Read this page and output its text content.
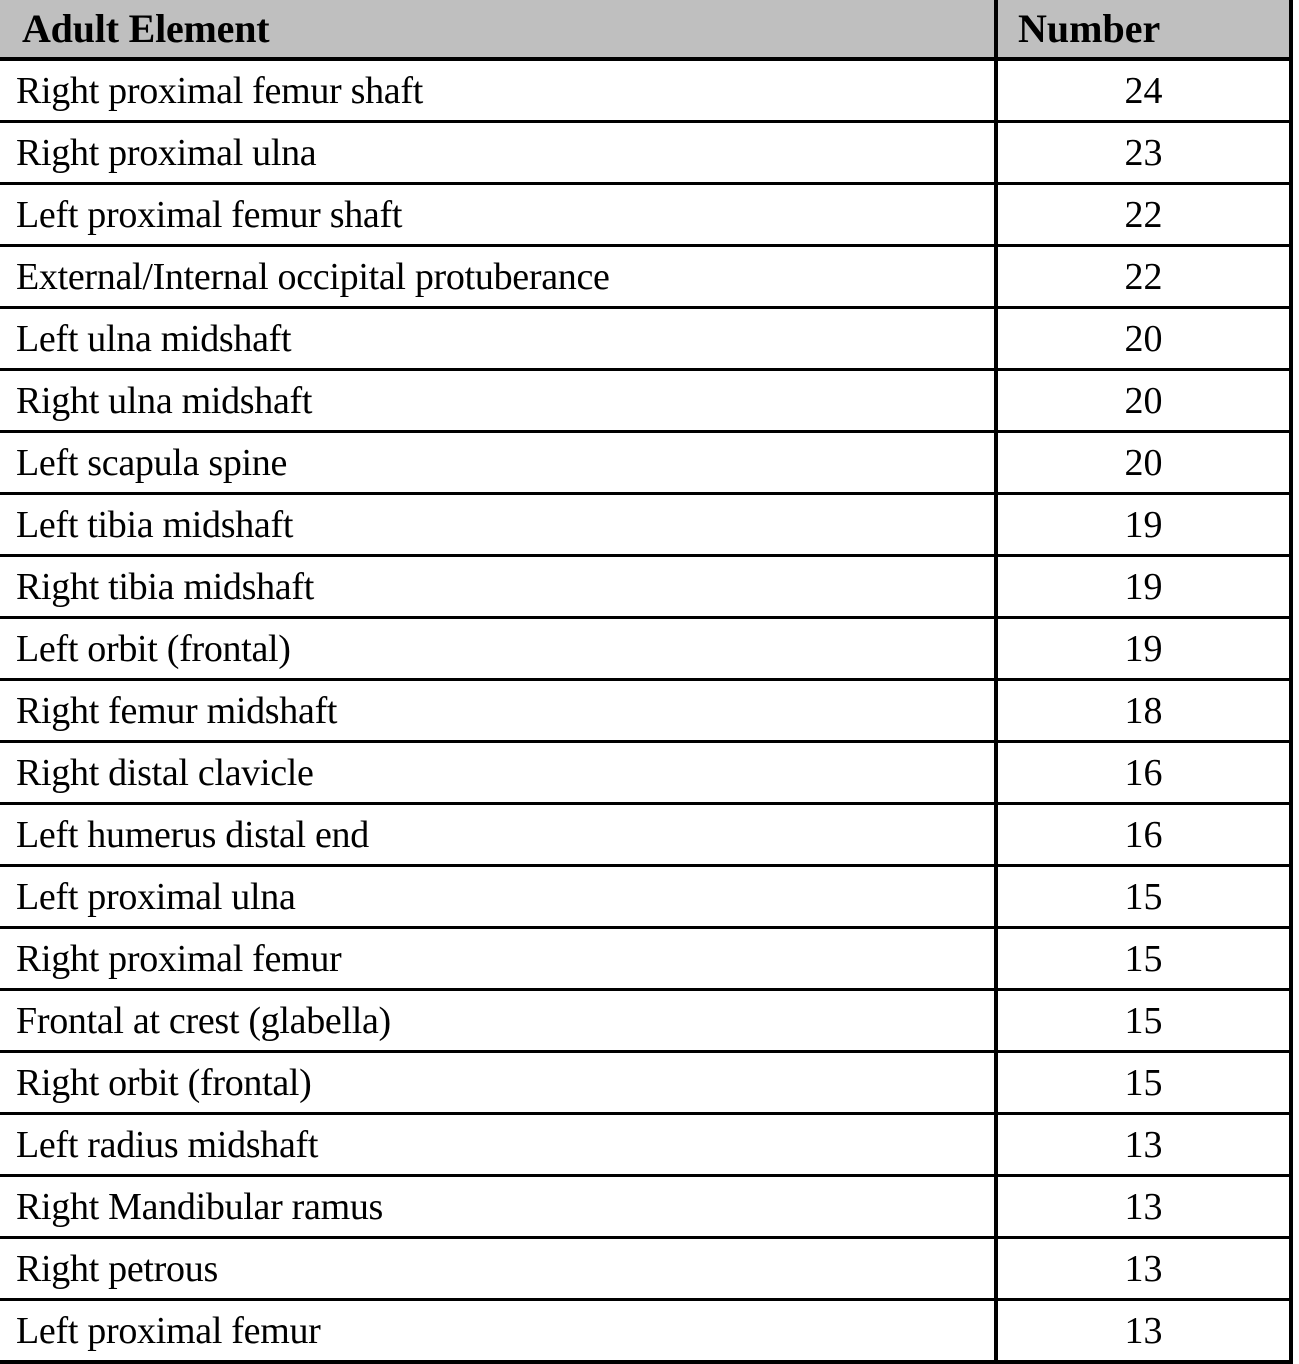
Adult Element	Number
Right proximal femur shaft	24
Right proximal ulna	23
Left proximal femur shaft	22
External/Internal occipital protuberance	22
Left ulna midshaft	20
Right ulna midshaft	20
Left scapula spine	20
Left tibia midshaft	19
Right tibia midshaft	19
Left orbit (frontal)	19
Right femur midshaft	18
Right distal clavicle	16
Left humerus distal end	16
Left proximal ulna	15
Right proximal femur	15
Frontal at crest (glabella)	15
Right orbit (frontal)	15
Left radius midshaft	13
Right Mandibular ramus	13
Right petrous	13
Left proximal femur	13
